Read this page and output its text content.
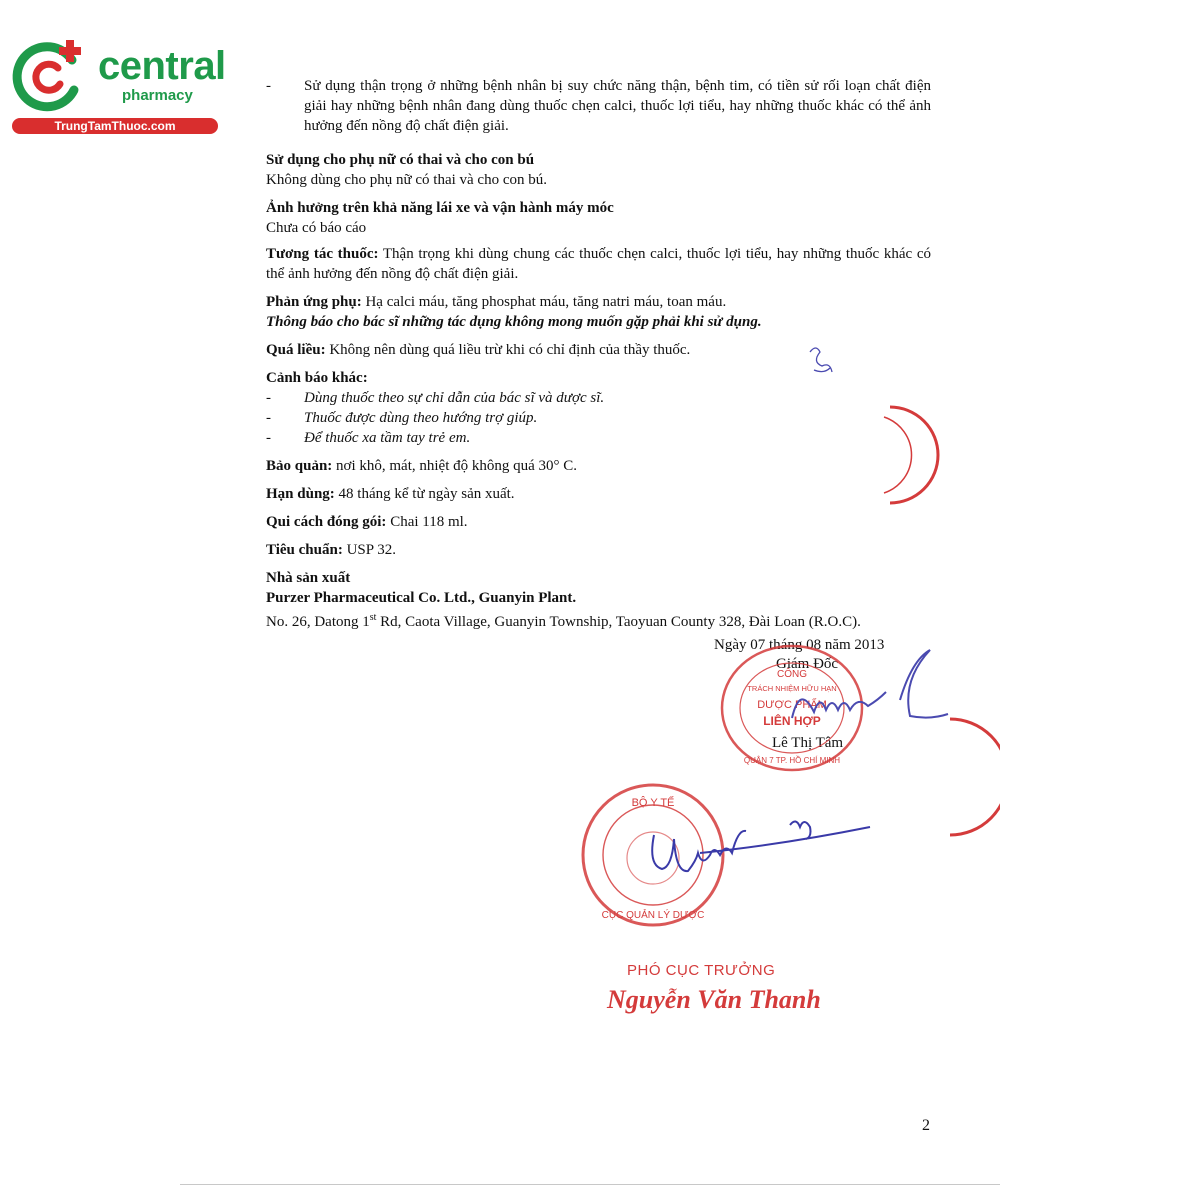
central
pharmacy
TrungTamThuoc.com
- Sử dụng thận trọng ở những bệnh nhân bị suy chức năng thận, bệnh tim, có tiền sử rối loạn chất điện giải hay những bệnh nhân đang dùng thuốc chẹn calci, thuốc lợi tiểu, hay những thuốc khác có thể ảnh hưởng đến nồng độ chất điện giải.

Sử dụng cho phụ nữ có thai và cho con bú

Không dùng cho phụ nữ có thai và cho con bú.

Ảnh hưởng trên khả năng lái xe và vận hành máy móc

Chưa có báo cáo

Tương tác thuốc: Thận trọng khi dùng chung các thuốc chẹn calci, thuốc lợi tiểu, hay những thuốc khác có thể ảnh hưởng đến nồng độ chất điện giải.

Phản ứng phụ: Hạ calci máu, tăng phosphat máu, tăng natri máu, toan máu.

Thông báo cho bác sĩ những tác dụng không mong muốn gặp phải khi sử dụng.

Quá liều: Không nên dùng quá liều trừ khi có chỉ định của thầy thuốc.

Cảnh báo khác:

- Dùng thuốc theo sự chỉ dẫn của bác sĩ và dược sĩ.
- Thuốc được dùng theo hướng trợ giúp.
- Để thuốc xa tầm tay trẻ em.

Bảo quản: nơi khô, mát, nhiệt độ không quá 30° C.

Hạn dùng: 48 tháng kể từ ngày sản xuất.

Qui cách đóng gói: Chai 118 ml.

Tiêu chuẩn: USP 32.

Nhà sản xuất

Purzer Pharmaceutical Co. Ltd., Guanyin Plant.

No. 26, Datong 1st Rd, Caota Village, Guanyin Township, Taoyuan County 328, Đài Loan (R.O.C).

Ngày 07 tháng 08 năm 2013
Giám Đốc
Lê Thị Tâm
CÔNG
TRÁCH NHIỆM HỮU HẠN
DƯỢC PHẨM
LIÊN HỢP
QUẬN 7 TP. HỒ CHÍ MINH
BỘ Y TẾ
CỤC QUẢN LÝ DƯỢC
PHÓ CỤC TRƯỞNG
Nguyễn Văn Thanh
2
